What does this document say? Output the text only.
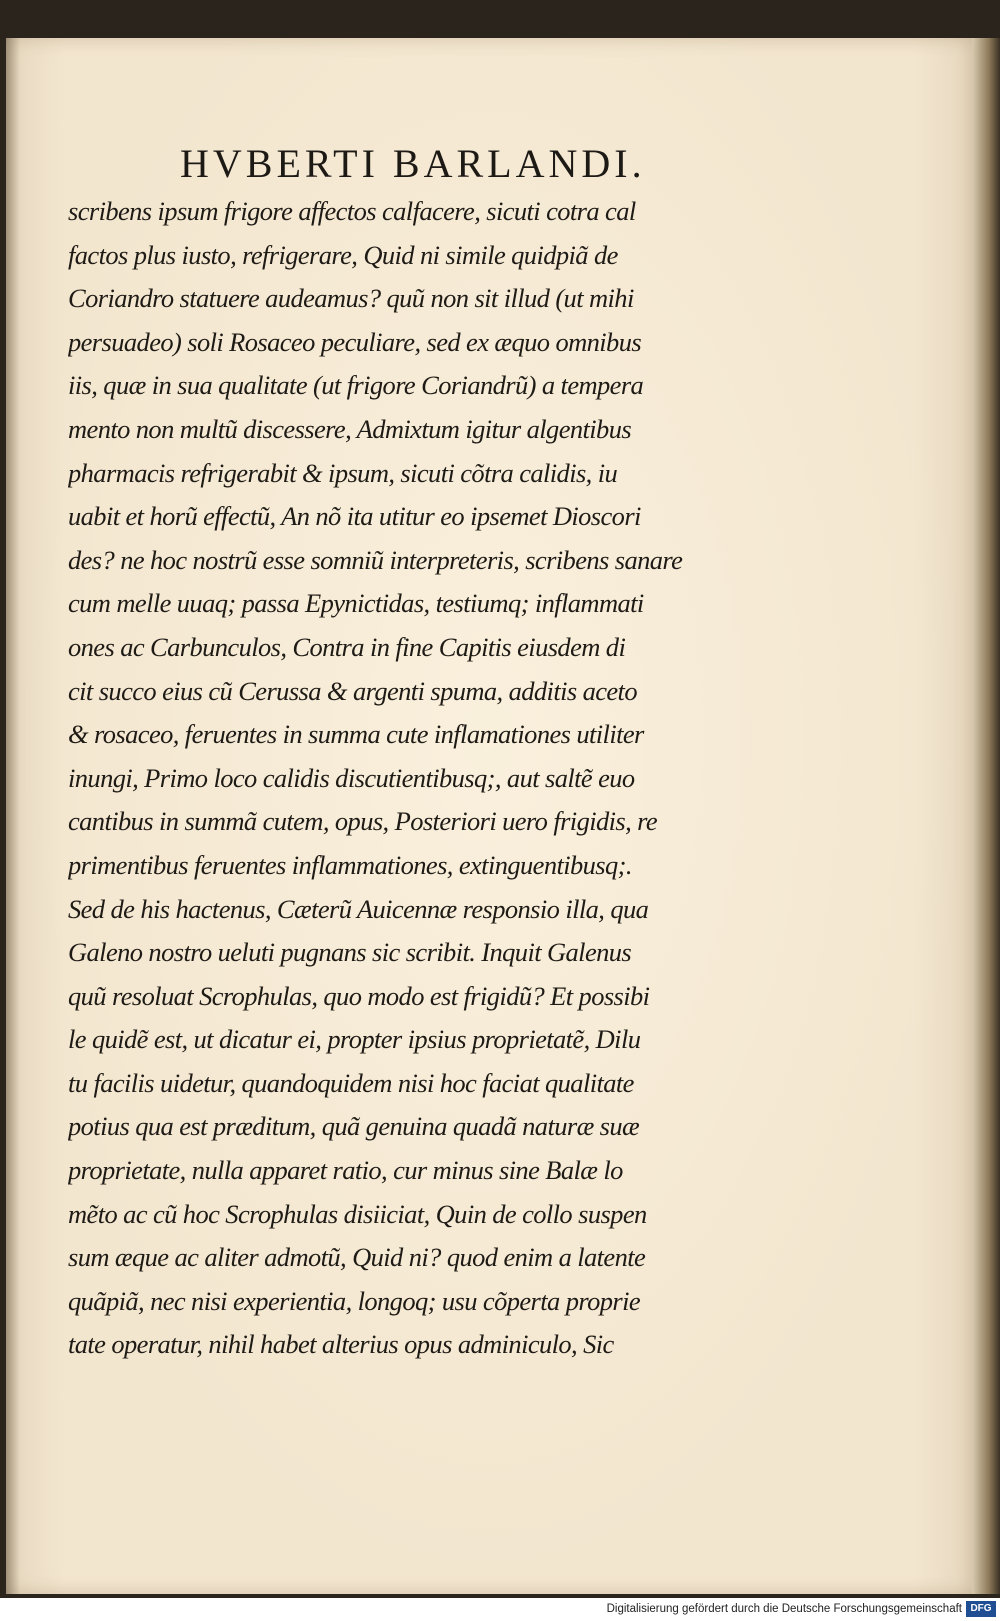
HVBERTI BARLANDI.
scribens ipsum frigore affectos calfacere, sicuti cotra cal
factos plus iusto, refrigerare, Quid ni simile quidpiã de
Coriandro statuere audeamus? quũ non sit illud (ut mihi
persuadeo) soli Rosaceo peculiare, sed ex æquo omnibus
iis, quæ in sua qualitate (ut frigore Coriandrũ) a tempera
mento non multũ discessere, Admixtum igitur algentibus
pharmacis refrigerabit & ipsum, sicuti cõtra calidis, iu
uabit et horũ effectũ, An nõ ita utitur eo ipsemet Dioscori
des? ne hoc nostrũ esse somniũ interpreteris, scribens sanare
cum melle uuaq; passa Epynictidas, testiumq; inflammati
ones ac Carbunculos, Contra in fine Capitis eiusdem di
cit succo eius cũ Cerussa & argenti spuma, additis aceto
& rosaceo, feruentes in summa cute inflamationes utiliter
inungi, Primo loco calidis discutientibusq;, aut saltẽ euo
cantibus in summã cutem, opus, Posteriori uero frigidis, re
primentibus feruentes inflammationes, extinguentibusq;.
Sed de his hactenus, Cæterũ Auicennæ responsio illa, qua
Galeno nostro ueluti pugnans sic scribit. Inquit Galenus
quũ resoluat Scrophulas, quo modo est frigidũ? Et possibi
le quidẽ est, ut dicatur ei, propter ipsius proprietatẽ, Dilu
tu facilis uidetur, quandoquidem nisi hoc faciat qualitate
potius qua est præditum, quã genuina quadã naturæ suæ
proprietate, nulla apparet ratio, cur minus sine Balæ lo
mẽto ac cũ hoc Scrophulas disiiciat, Quin de collo suspen
sum æque ac aliter admotũ, Quid ni? quod enim a latente
quãpiã, nec nisi experientia, longoq; usu cõperta proprie
tate operatur, nihil habet alterius opus adminiculo, Sic
Digitalisierung gefördert durch die Deutsche Forschungsgemeinschaft DFG
